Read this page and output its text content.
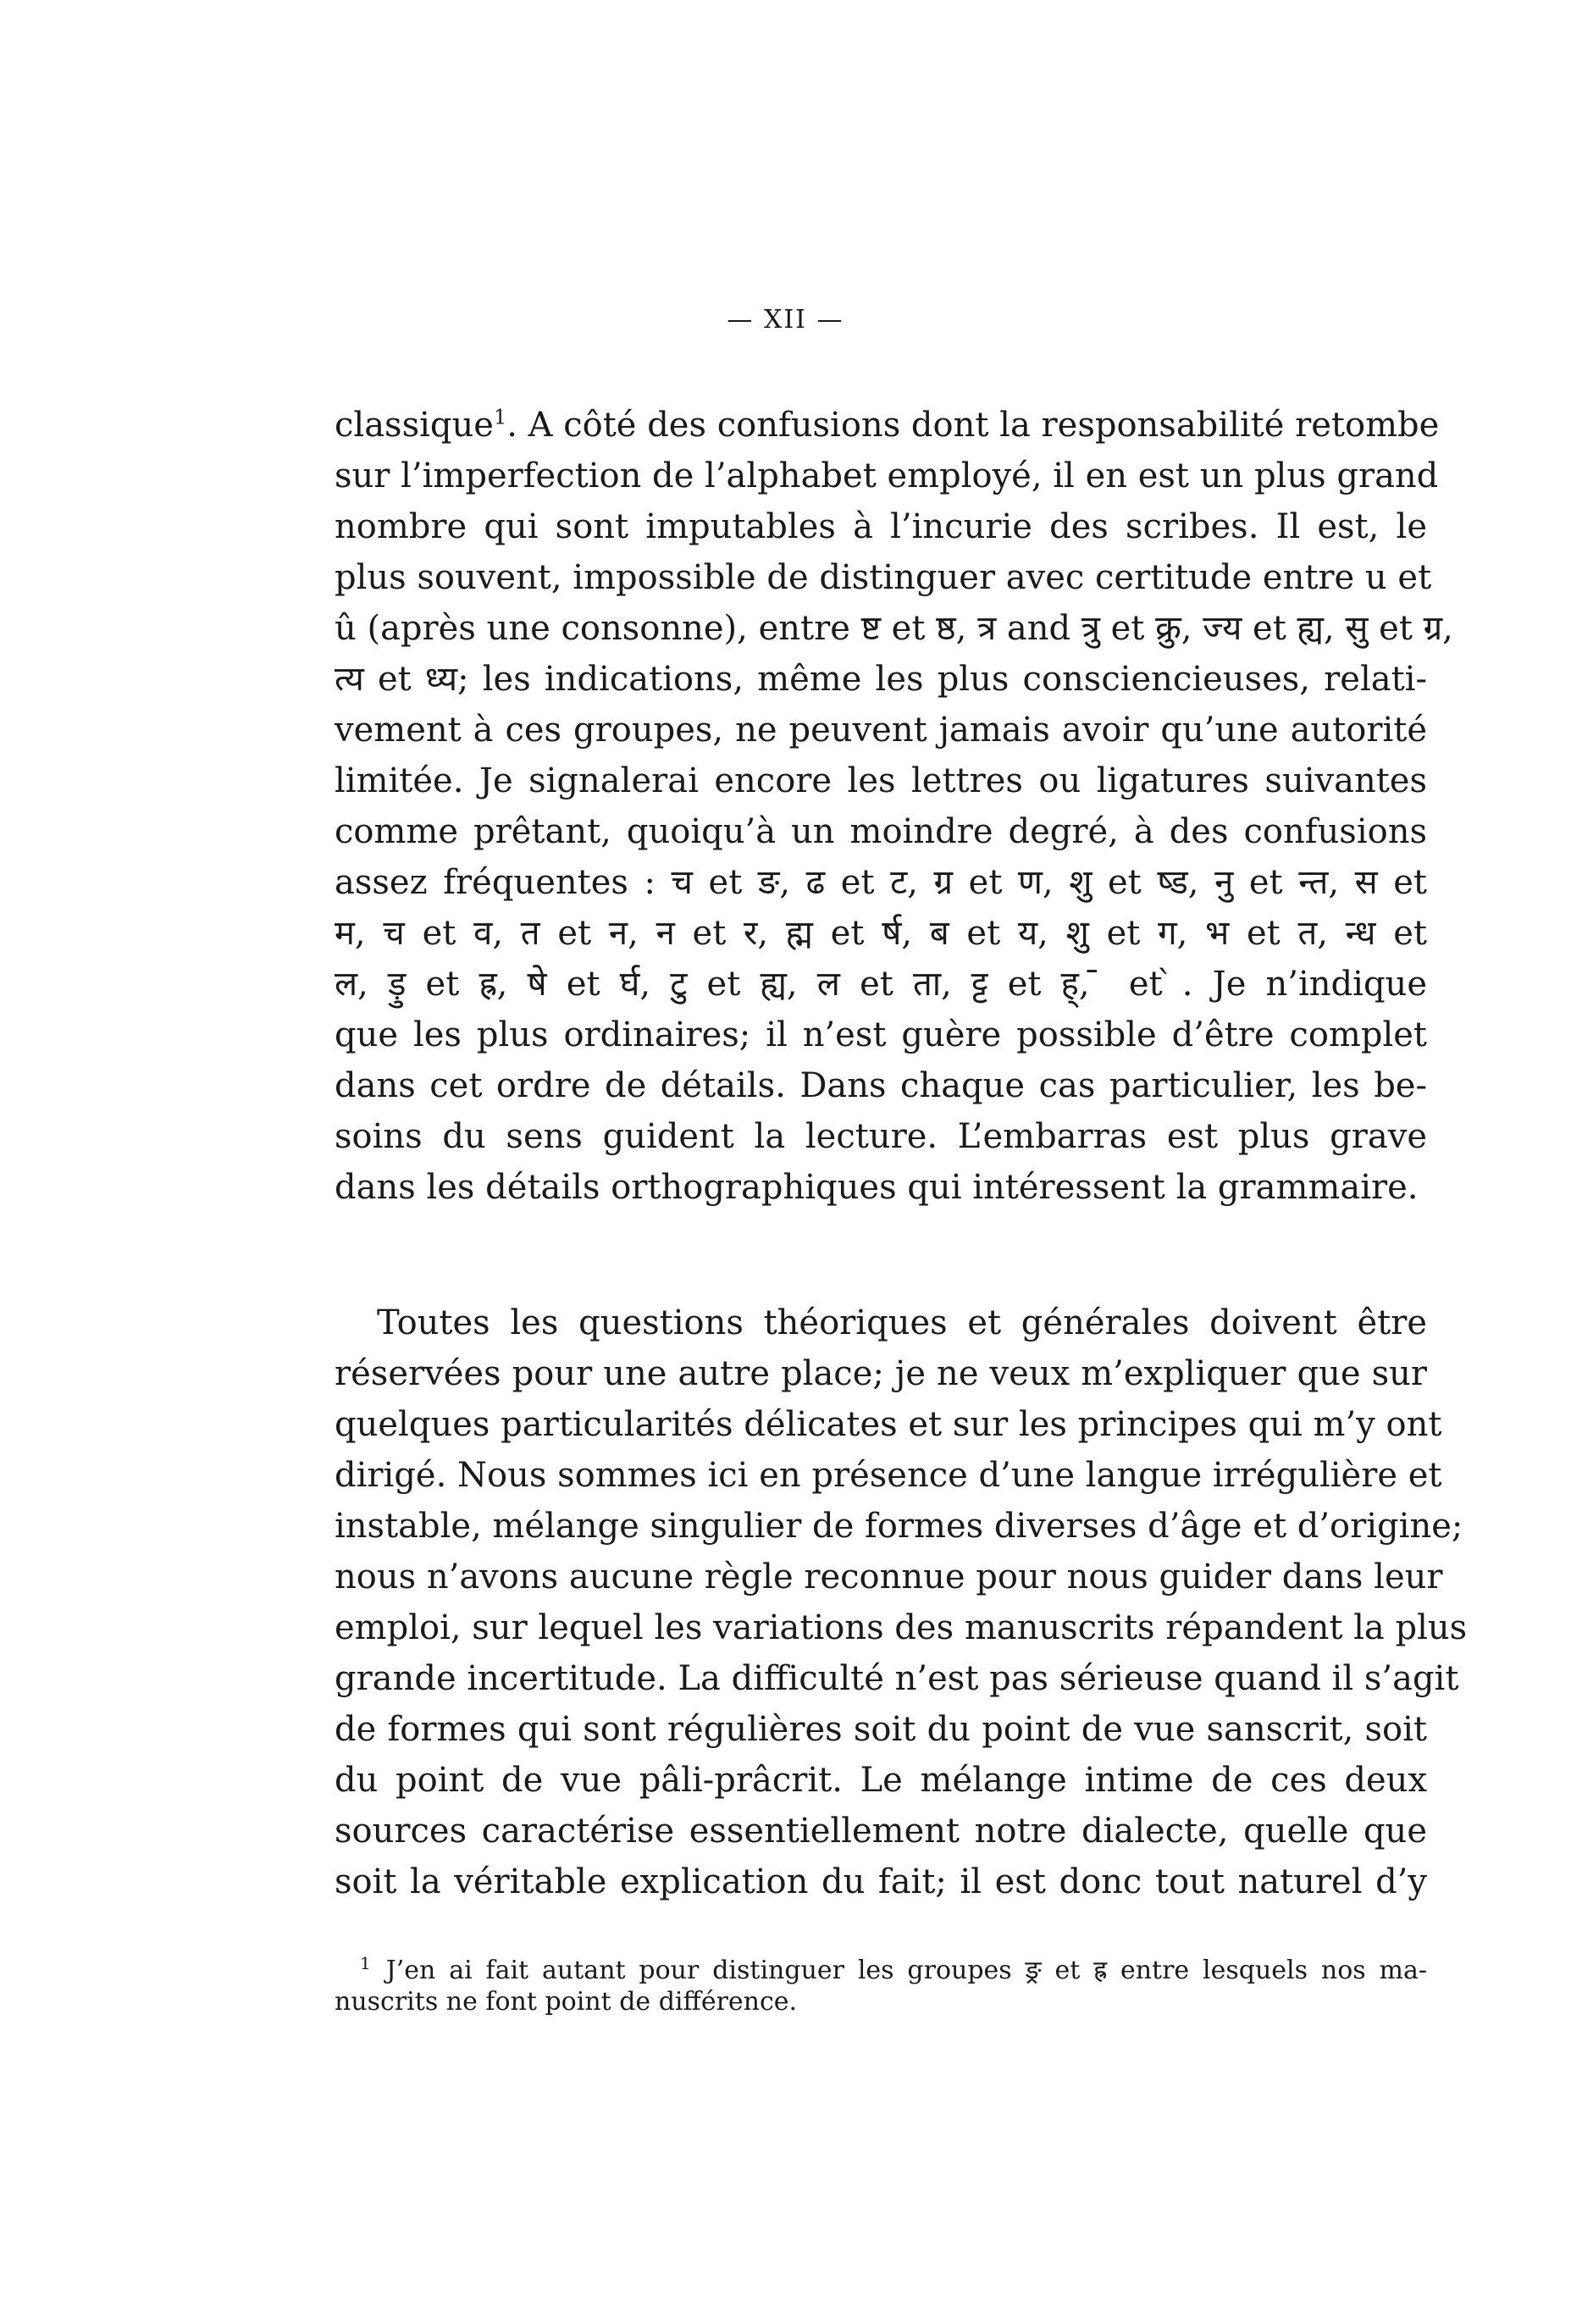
— XII —
classique$^1$. A côté des confusions dont la responsabilité retombe
sur l’imperfection de l’alphabet employé, il en est un plus grand
nombre qui sont imputables à l’incurie des scribes. Il est, le
plus souvent, impossible de distinguer avec certitude entre u et
û (après une consonne), entre ष्ट et ष्ठ, त्र and त्रु et क्रु, ज्य et ह्य, सु et ग्र,
त्य et ध्य; les indications, même les plus consciencieuses, relati-
vement à ces groupes, ne peuvent jamais avoir qu’une autorité
limitée. Je signalerai encore les lettres ou ligatures suivantes
comme prêtant, quoiqu’à un moindre degré, à des confusions
assez fréquentes : च et ङ, ढ et ट, ग्र et ण, शु et ष्ड, नु et न्त, स et
म, च et व, त et न, न et र, ह्म et र्ष, ब et य, शु et ग, भ et त, न्ध et
ल, ड़ु et ह्र, षे et र्घ, टु et ह्य, ल et ता, ट्ट et ह्, ̄ et ̀. Je n’indique
que les plus ordinaires; il n’est guère possible d’être complet
dans cet ordre de détails. Dans chaque cas particulier, les be-
soins du sens guident la lecture. L’embarras est plus grave
dans les détails orthographiques qui intéressent la grammaire.
Toutes les questions théoriques et générales doivent être
réservées pour une autre place; je ne veux m’expliquer que sur
quelques particularités délicates et sur les principes qui m’y ont
dirigé. Nous sommes ici en présence d’une langue irrégulière et
instable, mélange singulier de formes diverses d’âge et d’origine;
nous n’avons aucune règle reconnue pour nous guider dans leur
emploi, sur lequel les variations des manuscrits répandent la plus
grande incertitude. La difficulté n’est pas sérieuse quand il s’agit
de formes qui sont régulières soit du point de vue sanscrit, soit
du point de vue pâli-prâcrit. Le mélange intime de ces deux
sources caractérise essentiellement notre dialecte, quelle que
soit la véritable explication du fait; il est donc tout naturel d’y
$^1$ J’en ai fait autant pour distinguer les groupes ङ्र et ह्र entre lesquels nos ma-
nuscrits ne font point de différence.
